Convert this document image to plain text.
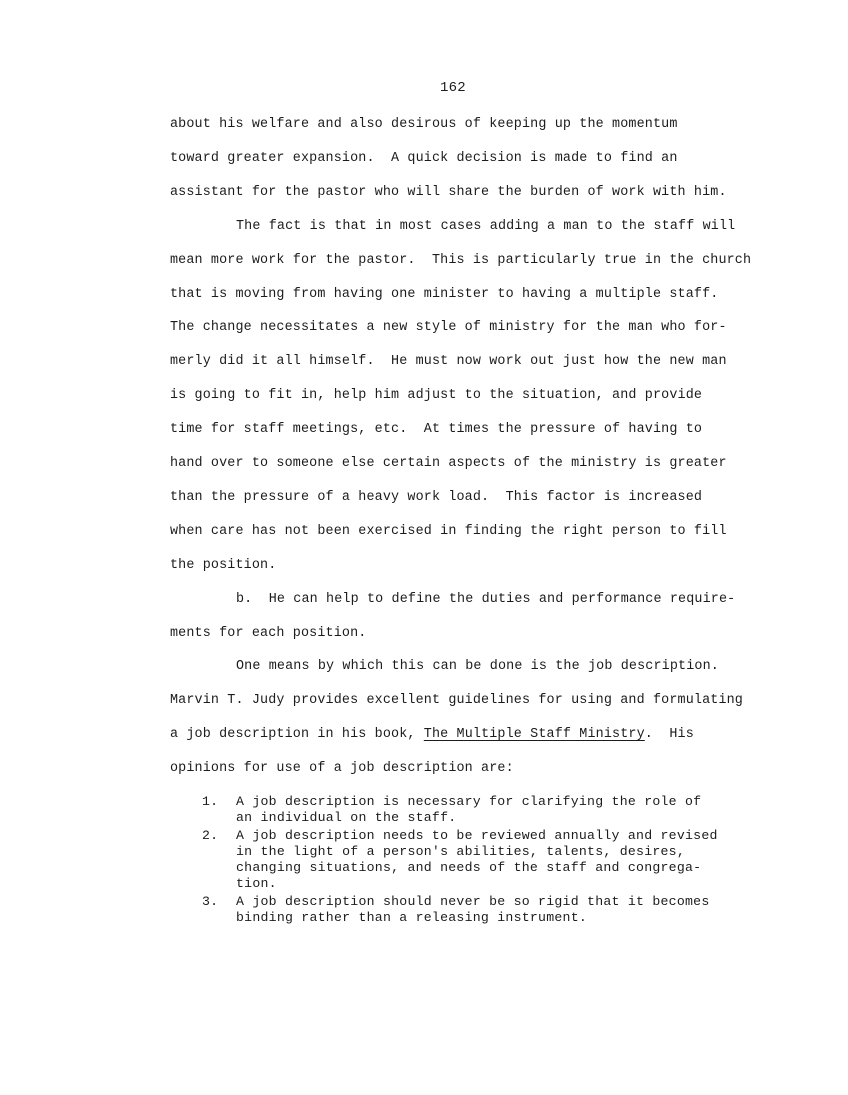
162
about his welfare and also desirous of keeping up the momentum
toward greater expansion.  A quick decision is made to find an
assistant for the pastor who will share the burden of work with him.
The fact is that in most cases adding a man to the staff will
mean more work for the pastor.  This is particularly true in the church
that is moving from having one minister to having a multiple staff.
The change necessitates a new style of ministry for the man who for-
merly did it all himself.  He must now work out just how the new man
is going to fit in, help him adjust to the situation, and provide
time for staff meetings, etc.  At times the pressure of having to
hand over to someone else certain aspects of the ministry is greater
than the pressure of a heavy work load.  This factor is increased
when care has not been exercised in finding the right person to fill
the position.
b.  He can help to define the duties and performance require-
ments for each position.
One means by which this can be done is the job description.
Marvin T. Judy provides excellent guidelines for using and formulating
a job description in his book, The Multiple Staff Ministry.  His
opinions for use of a job description are:
1. A job description is necessary for clarifying the role of
an individual on the staff.
2. A job description needs to be reviewed annually and revised
in the light of a person's abilities, talents, desires,
changing situations, and needs of the staff and congrega-
tion.
3. A job description should never be so rigid that it becomes
binding rather than a releasing instrument.
